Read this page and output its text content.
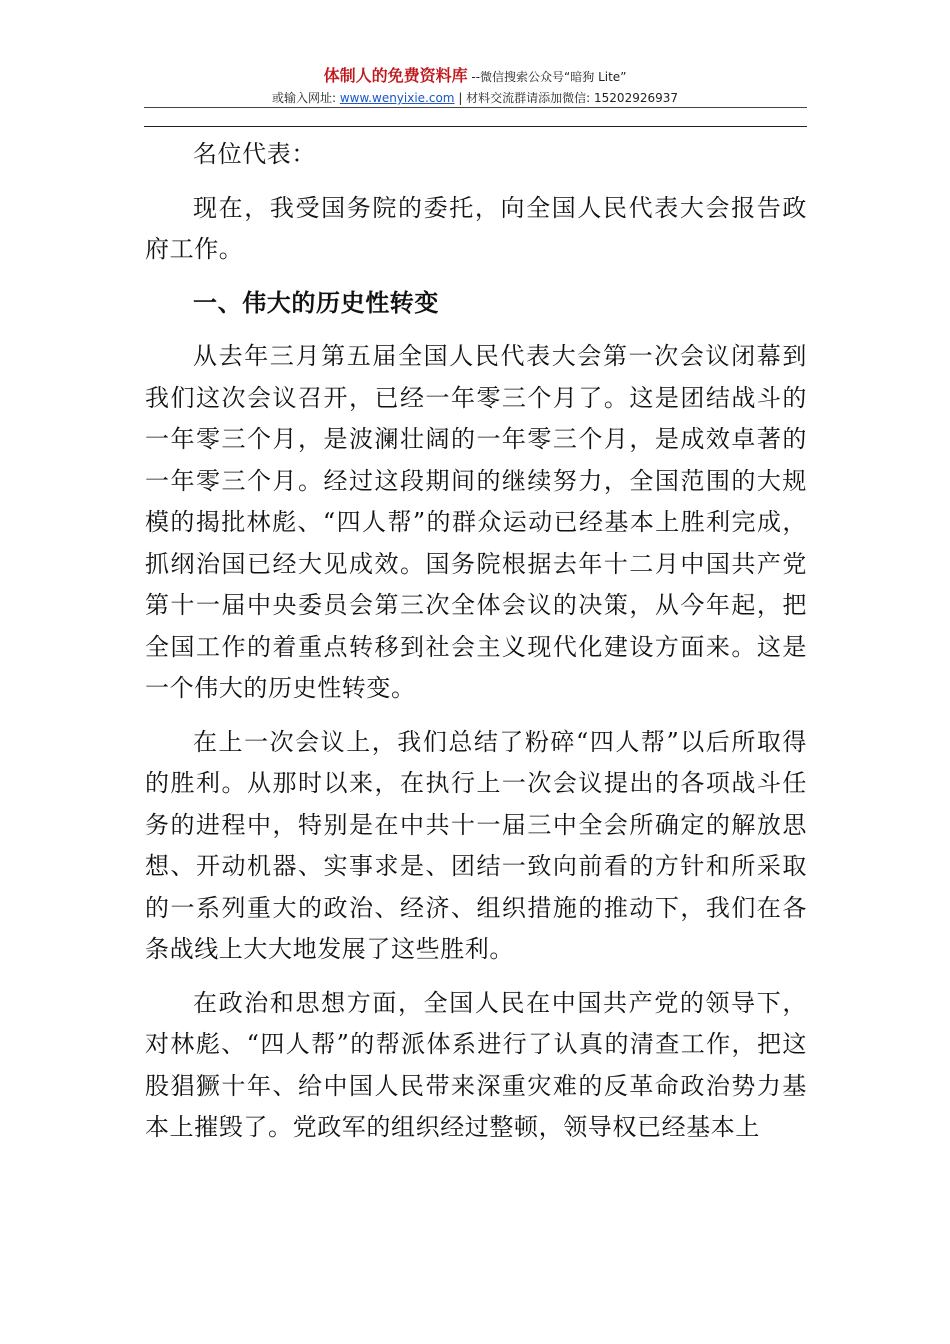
体制人的免费资料库 --微信搜索公众号“暗狗 Lite”
或输入网址: www.wenyixie.com | 材料交流群请添加微信: 15202926937

名位代表：

现在，我受国务院的委托，向全国人民代表大会报告政府工作。

一、伟大的历史性转变

从去年三月第五届全国人民代表大会第一次会议闭幕到我们这次会议召开，已经一年零三个月了。这是团结战斗的一年零三个月，是波澜壮阔的一年零三个月，是成效卓著的一年零三个月。经过这段期间的继续努力，全国范围的大规模的揭批林彪、“四人帮”的群众运动已经基本上胜利完成，抓纲治国已经大见成效。国务院根据去年十二月中国共产党第十一届中央委员会第三次全体会议的决策，从今年起，把全国工作的着重点转移到社会主义现代化建设方面来。这是一个伟大的历史性转变。

在上一次会议上，我们总结了粉碎“四人帮”以后所取得的胜利。从那时以来，在执行上一次会议提出的各项战斗任务的进程中，特别是在中共十一届三中全会所确定的解放思想、开动机器、实事求是、团结一致向前看的方针和所采取的一系列重大的政治、经济、组织措施的推动下，我们在各条战线上大大地发展了这些胜利。

在政治和思想方面，全国人民在中国共产党的领导下，对林彪、“四人帮”的帮派体系进行了认真的清查工作，把这股猖獗十年、给中国人民带来深重灾难的反革命政治势力基本上摧毁了。党政军的组织经过整顿，领导权已经基本上
